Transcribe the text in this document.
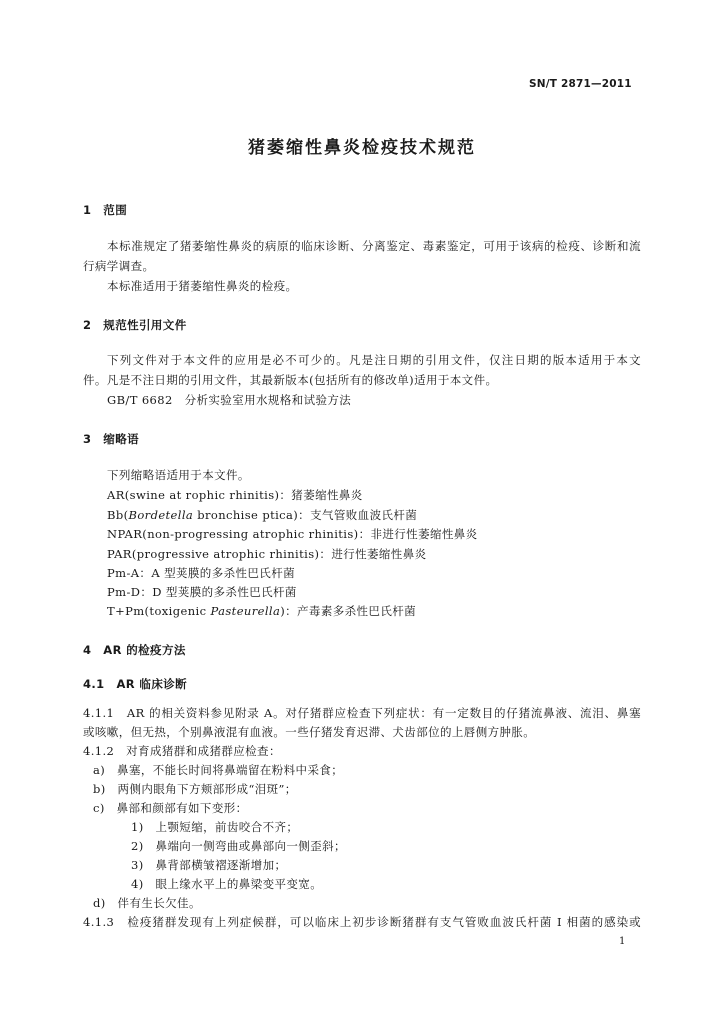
SN/T 2871—2011
猪萎缩性鼻炎检疫技术规范
1　范围
本标准规定了猪萎缩性鼻炎的病原的临床诊断、分离鉴定、毒素鉴定，可用于该病的检疫、诊断和流
行病学调查。
本标准适用于猪萎缩性鼻炎的检疫。
2　规范性引用文件
下列文件对于本文件的应用是必不可少的。凡是注日期的引用文件，仅注日期的版本适用于本文
件。凡是不注日期的引用文件，其最新版本(包括所有的修改单)适用于本文件。
GB/T 6682　分析实验室用水规格和试验方法
3　缩略语
下列缩略语适用于本文件。
AR(swine at rophic rhinitis)：猪萎缩性鼻炎
Bb(Bordetella bronchise ptica)：支气管败血波氏杆菌
NPAR(non-progressing atrophic rhinitis)：非进行性萎缩性鼻炎
PAR(progressive atrophic rhinitis)：进行性萎缩性鼻炎
Pm-A：A 型荚膜的多杀性巴氏杆菌
Pm-D：D 型荚膜的多杀性巴氏杆菌
T+Pm(toxigenic Pasteurella)：产毒素多杀性巴氏杆菌
4　AR 的检疫方法
4.1　AR 临床诊断
4.1.1　AR 的相关资料参见附录 A。对仔猪群应检查下列症状：有一定数目的仔猪流鼻液、流泪、鼻塞
或咳嗽，但无热，个别鼻液混有血液。一些仔猪发育迟滞、犬齿部位的上唇侧方肿胀。
4.1.2　对育成猪群和成猪群应检查：
a)　鼻塞，不能长时间将鼻端留在粉料中采食；
b)　两侧内眼角下方颊部形成“泪斑”；
c)　鼻部和颜部有如下变形：
1)　上颚短缩，前齿咬合不齐；
2)　鼻端向一侧弯曲或鼻部向一侧歪斜；
3)　鼻背部横皱褶逐渐增加；
4)　眼上缘水平上的鼻梁变平变宽。
d)　伴有生长欠佳。
4.1.3　检疫猪群发现有上列症候群，可以临床上初步诊断猪群有支气管败血波氏杆菌 I 相菌的感染或
1
